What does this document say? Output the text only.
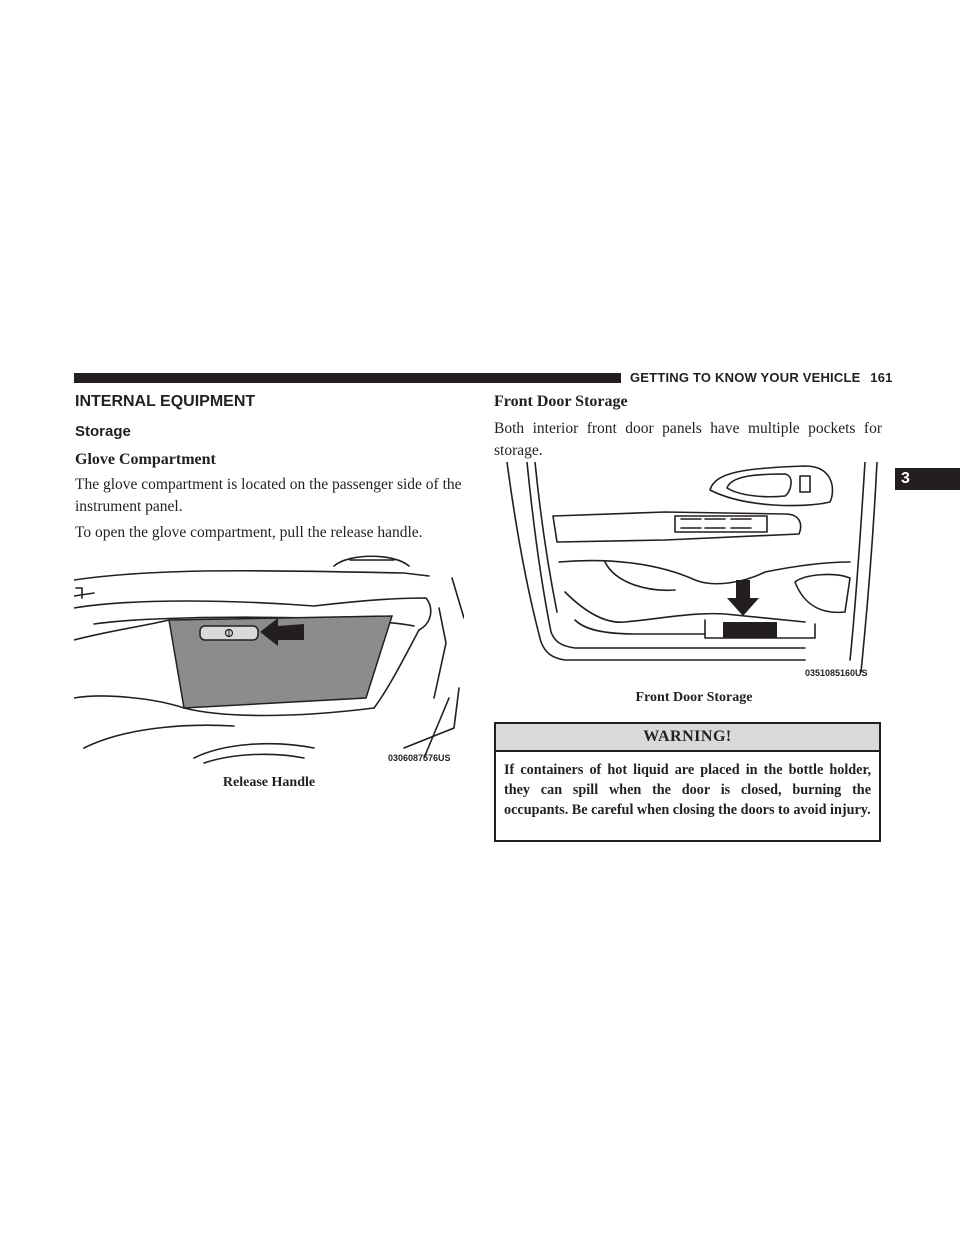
GETTING TO KNOW YOUR VEHICLE 161
3
INTERNAL EQUIPMENT
Storage
Glove Compartment
The glove compartment is located on the passenger side of the instrument panel.
To open the glove compartment, pull the release handle.
0306087576US
Release Handle
Front Door Storage
Both interior front door panels have multiple pockets for storage.
0351085160US
Front Door Storage
WARNING!
If containers of hot liquid are placed in the bottle holder, they can spill when the door is closed, burning the occupants. Be careful when closing the doors to avoid injury.
